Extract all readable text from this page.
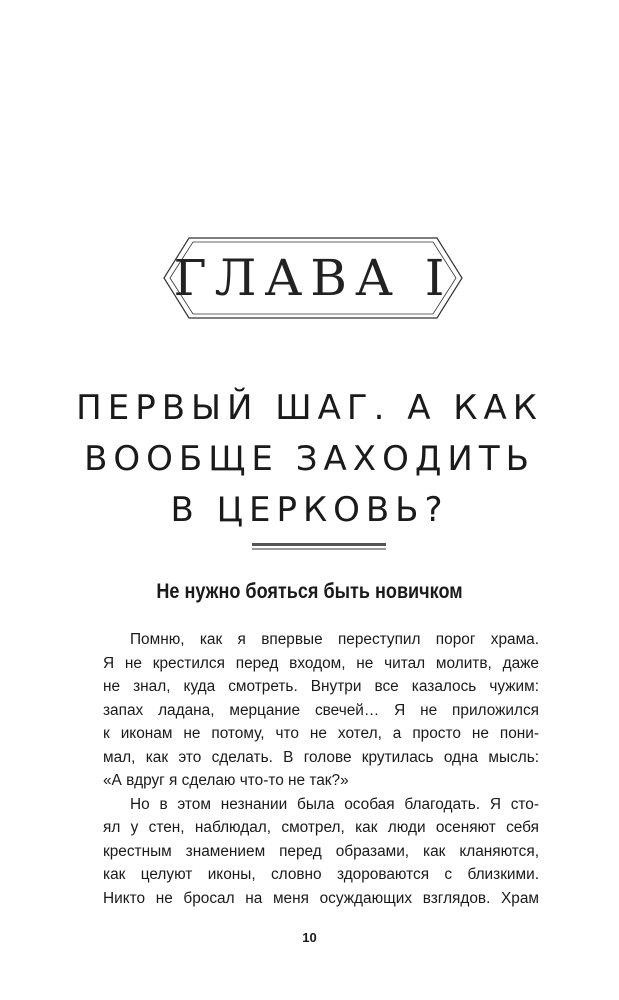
ГЛАВА I
ПЕРВЫЙ ШАГ. А КАК
ВООБЩЕ ЗАХОДИТЬ
В ЦЕРКОВЬ?
Не нужно бояться быть новичком
Помню, как я впервые переступил порог храма.
Я не крестился перед входом, не читал молитв, даже
не знал, куда смотреть. Внутри все казалось чужим:
запах ладана, мерцание свечей… Я не приложился
к иконам не потому, что не хотел, а просто не пони-
мал, как это сделать. В голове крутилась одна мысль:
«А вдруг я сделаю что-то не так?»
Но в этом незнании была особая благодать. Я сто-
ял у стен, наблюдал, смотрел, как люди осеняют себя
крестным знамением перед образами, как кланяются,
как целуют иконы, словно здороваются с близкими.
Никто не бросал на меня осуждающих взглядов. Храм
10
